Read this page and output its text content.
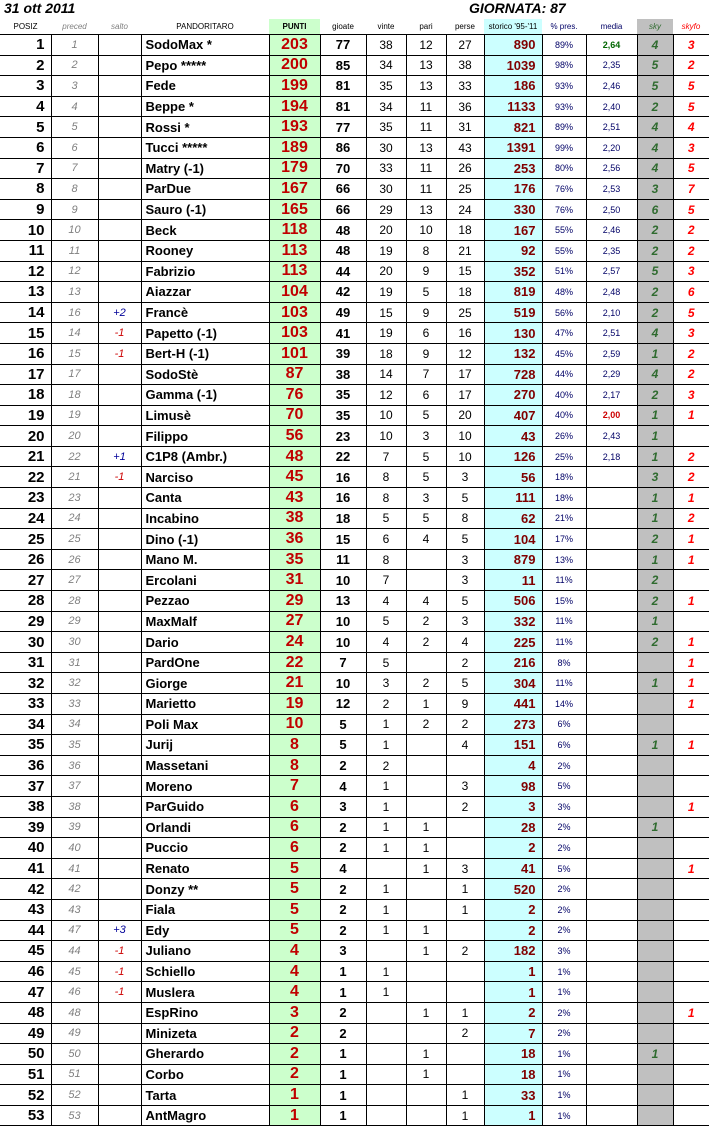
31 ott 2011	GIORNATA: 87
POSIZ	preced	salto	PANDORITARO	PUNTI	gioate	vinte	pari	perse	storico '95-'11	% pres.	media	sky	skyfo
1	1		SodoMax *	203	77	38	12	27	890	89%	2,64	4	3
2	2		Pepo *****	200	85	34	13	38	1039	98%	2,35	5	2
3	3		Fede	199	81	35	13	33	186	93%	2,46	5	5
4	4		Beppe *	194	81	34	11	36	1133	93%	2,40	2	5
5	5		Rossi *	193	77	35	11	31	821	89%	2,51	4	4
6	6		Tucci *****	189	86	30	13	43	1391	99%	2,20	4	3
7	7		Matry (-1)	179	70	33	11	26	253	80%	2,56	4	5
8	8		ParDue	167	66	30	11	25	176	76%	2,53	3	7
9	9		Sauro (-1)	165	66	29	13	24	330	76%	2,50	6	5
10	10		Beck	118	48	20	10	18	167	55%	2,46	2	2
11	11		Rooney	113	48	19	8	21	92	55%	2,35	2	2
12	12		Fabrizio	113	44	20	9	15	352	51%	2,57	5	3
13	13		Aiazzar	104	42	19	5	18	819	48%	2,48	2	6
14	16	+2	Francè	103	49	15	9	25	519	56%	2,10	2	5
15	14	-1	Papetto (-1)	103	41	19	6	16	130	47%	2,51	4	3
16	15	-1	Bert-H (-1)	101	39	18	9	12	132	45%	2,59	1	2
17	17		SodoStè	87	38	14	7	17	728	44%	2,29	4	2
18	18		Gamma (-1)	76	35	12	6	17	270	40%	2,17	2	3
19	19		Limusè	70	35	10	5	20	407	40%	2,00	1	1
20	20		Filippo	56	23	10	3	10	43	26%	2,43	1	
21	22	+1	C1P8 (Ambr.)	48	22	7	5	10	126	25%	2,18	1	2
22	21	-1	Narciso	45	16	8	5	3	56	18%		3	2
23	23		Canta	43	16	8	3	5	111	18%		1	1
24	24		Incabino	38	18	5	5	8	62	21%		1	2
25	25		Dino (-1)	36	15	6	4	5	104	17%		2	1
26	26		Mano M.	35	11	8		3	879	13%		1	1
27	27		Ercolani	31	10	7		3	11	11%		2	
28	28		Pezzao	29	13	4	4	5	506	15%		2	1
29	29		MaxMalf	27	10	5	2	3	332	11%		1	
30	30		Dario	24	10	4	2	4	225	11%		2	1
31	31		PardOne	22	7	5		2	216	8%			1
32	32		Giorge	21	10	3	2	5	304	11%		1	1
33	33		Marietto	19	12	2	1	9	441	14%			1
34	34		Poli Max	10	5	1	2	2	273	6%			
35	35		Jurij	8	5	1		4	151	6%		1	1
36	36		Massetani	8	2	2			4	2%			
37	37		Moreno	7	4	1		3	98	5%			
38	38		ParGuido	6	3	1		2	3	3%			1
39	39		Orlandi	6	2	1	1		28	2%		1	
40	40		Puccio	6	2	1	1		2	2%			
41	41		Renato	5	4		1	3	41	5%			1
42	42		Donzy **	5	2	1		1	520	2%			
43	43		Fiala	5	2	1		1	2	2%			
44	47	+3	Edy	5	2	1	1		2	2%			
45	44	-1	Juliano	4	3		1	2	182	3%			
46	45	-1	Schiello	4	1	1			1	1%			
47	46	-1	Muslera	4	1	1			1	1%			
48	48		EspRino	3	2		1	1	2	2%			1
49	49		Minizeta	2	2			2	7	2%			
50	50		Gherardo	2	1		1		18	1%		1	
51	51		Corbo	2	1		1		18	1%			
52	52		Tarta	1	1			1	33	1%			
53	53		AntMagro	1	1			1	1	1%			
